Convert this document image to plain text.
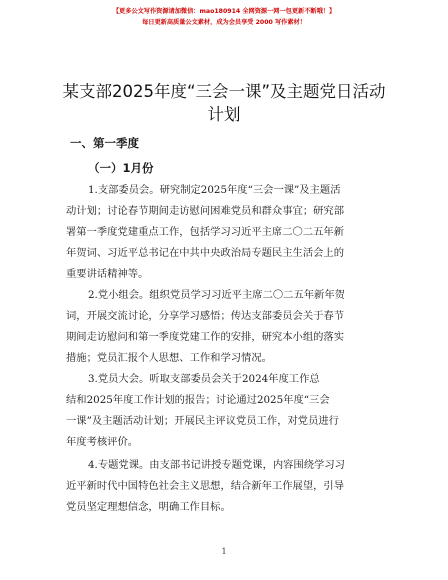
【更多公文写作资源请加微信：mao180914 全网资源一网一包更新不断哦！】
每日更新高质量公文素材，成为会员享受 2000 写作素材！
某支部2025年度“三会一课”及主题党日活动
计划
一、第一季度
（一）1月份
1.支部委员会。研究制定2025年度“三会一课”及主题活
动计划；讨论春节期间走访慰问困难党员和群众事宜；研究部
署第一季度党建重点工作，包括学习习近平主席二〇二五年新
年贺词、习近平总书记在中共中央政治局专题民主生活会上的
重要讲话精神等。
2.党小组会。组织党员学习习近平主席二〇二五年新年贺
词，开展交流讨论，分享学习感悟；传达支部委员会关于春节
期间走访慰问和第一季度党建工作的安排，研究本小组的落实
措施；党员汇报个人思想、工作和学习情况。
3.党员大会。听取支部委员会关于2024年度工作总
结和2025年度工作计划的报告；讨论通过2025年度“三会
一课”及主题活动计划；开展民主评议党员工作，对党员进行
年度考核评价。
4.专题党课。由支部书记讲授专题党课，内容围绕学习习
近平新时代中国特色社会主义思想，结合新年工作展望，引导
党员坚定理想信念，明确工作目标。
1
